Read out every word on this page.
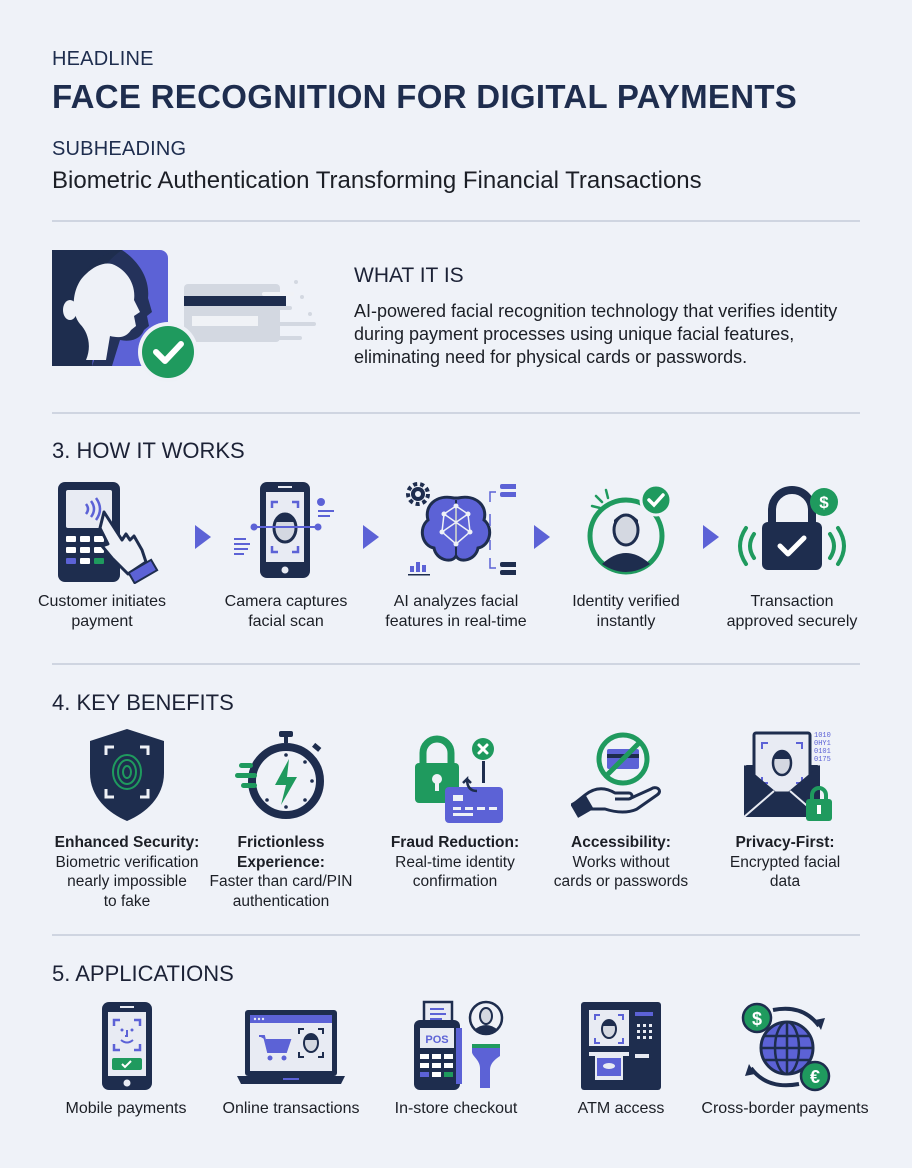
HEADLINE
FACE RECOGNITION FOR DIGITAL PAYMENTS
SUBHEADING
Biometric Authentication Transforming Financial Transactions
WHAT IT IS
AI-powered facial recognition technology that verifies identity
during payment processes using unique facial features,
eliminating need for physical cards or passwords.
3. HOW IT WORKS
Customer initiates
payment
Camera captures
facial scan
AI analyzes facial
features in real-time
Identity verified
instantly
$
Transaction
approved securely
4. KEY BENEFITS
Enhanced Security:
Biometric verification
nearly impossible
to fake
Frictionless
Experience:
Faster than card/PIN
authentication
Fraud Reduction:
Real-time identity
confirmation
Accessibility:
Works without
cards or passwords
1010
0HY1
0101
0175
Privacy-First:
Encrypted facial
data
5. APPLICATIONS
Mobile payments	Online transactions
POS
In-store checkout	ATM access
$
€
Cross-border payments
